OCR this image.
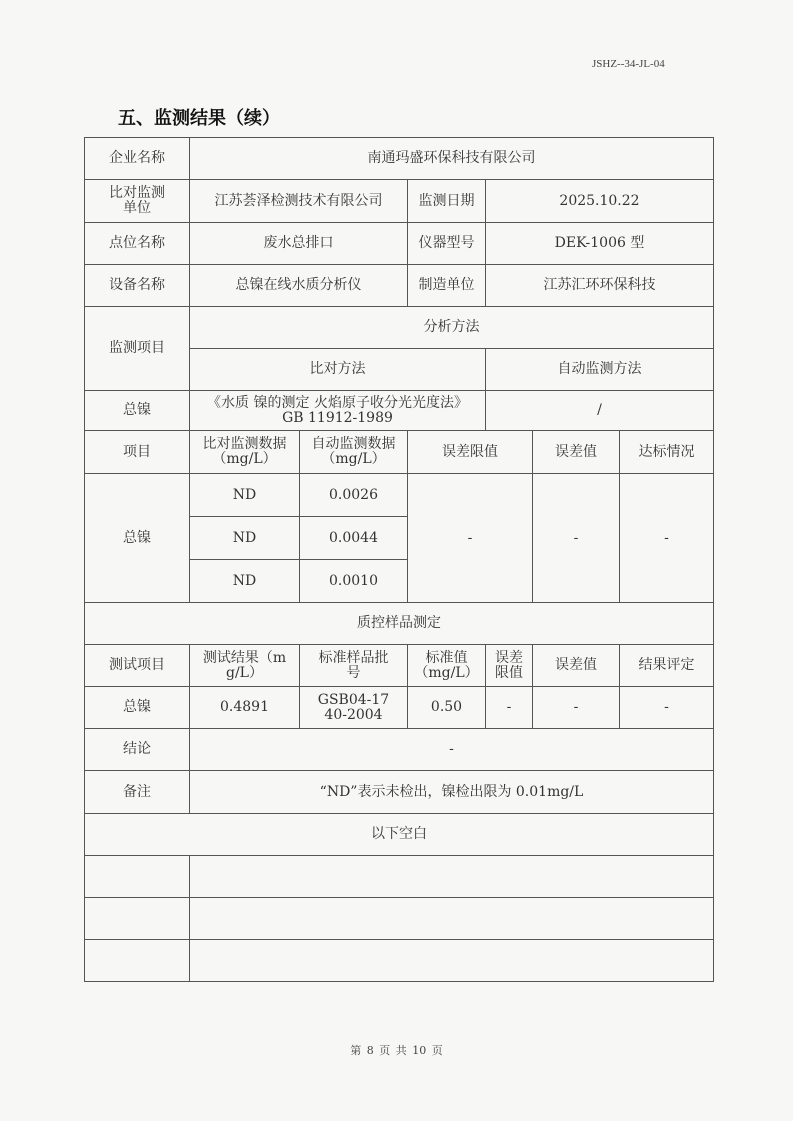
JSHZ--34-JL-04
五、监测结果（续）
企业名称	南通玛盛环保科技有限公司					
比对监测单位	江苏荟泽检测技术有限公司		监测日期	2025.10.22		
点位名称	废水总排口		仪器型号	DEK-1006 型		
设备名称	总镍在线水质分析仪		制造单位	江苏汇环环保科技		
监测项目	分析方法					
	比对方法			自动监测方法		
总镍	《水质 镍的测定 火焰原子收分光光度法》GB 11912-1989			/		
项目	比对监测数据（mg/L）	自动监测数据（mg/L）	误差限值		误差值	达标情况
总镍	ND	0.0026	-		-	-
	ND	0.0044				
	ND	0.0010				
质控样品测定						
测试项目	测试结果（mg/L）	标准样品批号	标准值（mg/L）	误差限值	误差值	结果评定
总镍	0.4891	GSB04-1740-2004	0.50	-	-	-
结论	-					
备注	“ND”表示未检出，镍检出限为 0.01mg/L					
以下空白						

第 8 页 共 10 页
